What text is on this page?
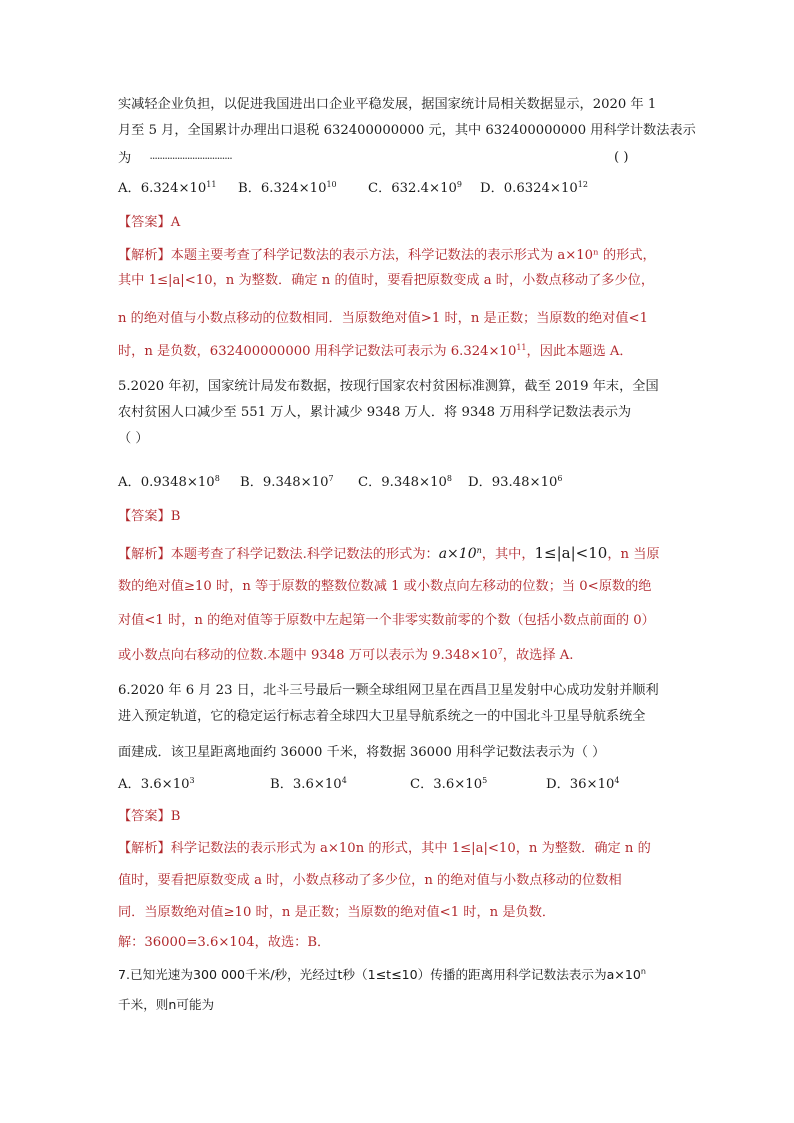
实减轻企业负担，以促进我国进出口企业平稳发展，据国家统计局相关数据显示，2020 年 1
月至 5 月，全国累计办理出口退税 632400000000 元，其中 632400000000 用科学计数法表示
为 ·································	( )
A．$6.324\times 10^{11}$ B．$6.324\times 10^{10}$ C．$632.4\times 10^9$ D．$0.6324\times 10^{12}$
【答案】A
【解析】本题主要考查了科学记数法的表示方法，科学记数法的表示形式为 a×10ⁿ 的形式，
其中 1≤|a|<10，n 为整数．确定 n 的值时，要看把原数变成 a 时，小数点移动了多少位，
n 的绝对值与小数点移动的位数相同．当原数绝对值>1 时，n 是正数；当原数的绝对值<1
时，n 是负数，632400000000 用科学记数法可表示为 $6.324\times 10^{11}$，因此本题选 A．
5.2020 年初，国家统计局发布数据，按现行国家农村贫困标准测算，截至 2019 年末，全国
农村贫困人口减少至 551 万人，累计减少 9348 万人．将 9348 万用科学记数法表示为
（ ）
A．$0.9348\times 10^8$ B．$9.348\times 10^7$ C．$9.348\times 10^8$ D．$93.48\times 10^6$
【答案】B
【解析】本题考查了科学记数法.科学记数法的形式为：$a\times 10^n$，其中，1≤|a|<10，n 当原
数的绝对值≥10 时，n 等于原数的整数位数减 1 或小数点向左移动的位数；当 0<原数的绝
对值<1 时，n 的绝对值等于原数中左起第一个非零实数前零的个数（包括小数点前面的 0）
或小数点向右移动的位数.本题中 9348 万可以表示为 $9.348\times 10^7$，故选择 A.
6.2020 年 6 月 23 日，北斗三号最后一颗全球组网卫星在西昌卫星发射中心成功发射并顺利
进入预定轨道，它的稳定运行标志着全球四大卫星导航系统之一的中国北斗卫星导航系统全
面建成．该卫星距离地面约 36000 千米，将数据 36000 用科学记数法表示为（ ）
A．$3.6\times 10^3$	B．$3.6\times 10^4$	C．$3.6\times 10^5$	D．$36\times 10^4$
【答案】B
【解析】科学记数法的表示形式为 a×10n 的形式，其中 1≤|a|<10，n 为整数．确定 n 的
值时，要看把原数变成 a 时，小数点移动了多少位，n 的绝对值与小数点移动的位数相
同．当原数绝对值≥10 时，n 是正数；当原数的绝对值<1 时，n 是负数．
解：36000=3.6×104，故选：B．
7.已知光速为300 000千米/秒，光经过t秒（1≤t≤10）传播的距离用科学记数法表示为$a\times 10^n$
千米，则n可能为
